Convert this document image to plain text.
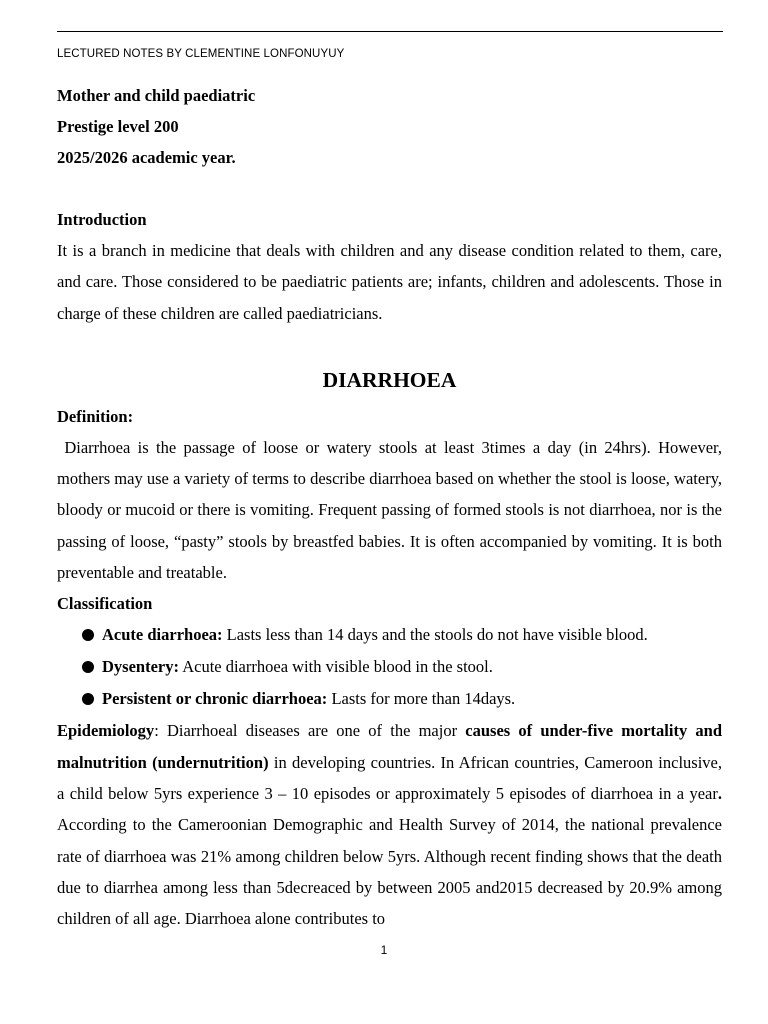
LECTURED NOTES BY CLEMENTINE LONFONUYUY
Mother and child paediatric
Prestige level 200
2025/2026 academic year.
Introduction

It is a branch in medicine that deals with children and any disease condition related to them, care, and care. Those considered to be paediatric patients are; infants, children and adolescents. Those in charge of these children are called paediatricians.

DIARRHOEA
Definition:

Diarrhoea is the passage of loose or watery stools at least 3times a day (in 24hrs). However, mothers may use a variety of terms to describe diarrhoea based on whether the stool is loose, watery, bloody or mucoid or there is vomiting. Frequent passing of formed stools is not diarrhoea, nor is the passing of loose, “pasty” stools by breastfed babies. It is often accompanied by vomiting. It is both preventable and treatable.

Classification
Acute diarrhoea: Lasts less than 14 days and the stools do not have visible blood.
Dysentery: Acute diarrhoea with visible blood in the stool.
Persistent or chronic diarrhoea: Lasts for more than 14days.

Epidemiology: Diarrhoeal diseases are one of the major causes of under-five mortality and malnutrition (undernutrition) in developing countries. In African countries, Cameroon inclusive, a child below 5yrs experience 3 – 10 episodes or approximately 5 episodes of diarrhoea in a year. According to the Cameroonian Demographic and Health Survey of 2014, the national prevalence rate of diarrhoea was 21% among children below 5yrs. Although recent finding shows that the death due to diarrhea among less than 5decreaced by between 2005 and2015 decreased by 20.9% among children of all age. Diarrhoea alone contributes to

1
